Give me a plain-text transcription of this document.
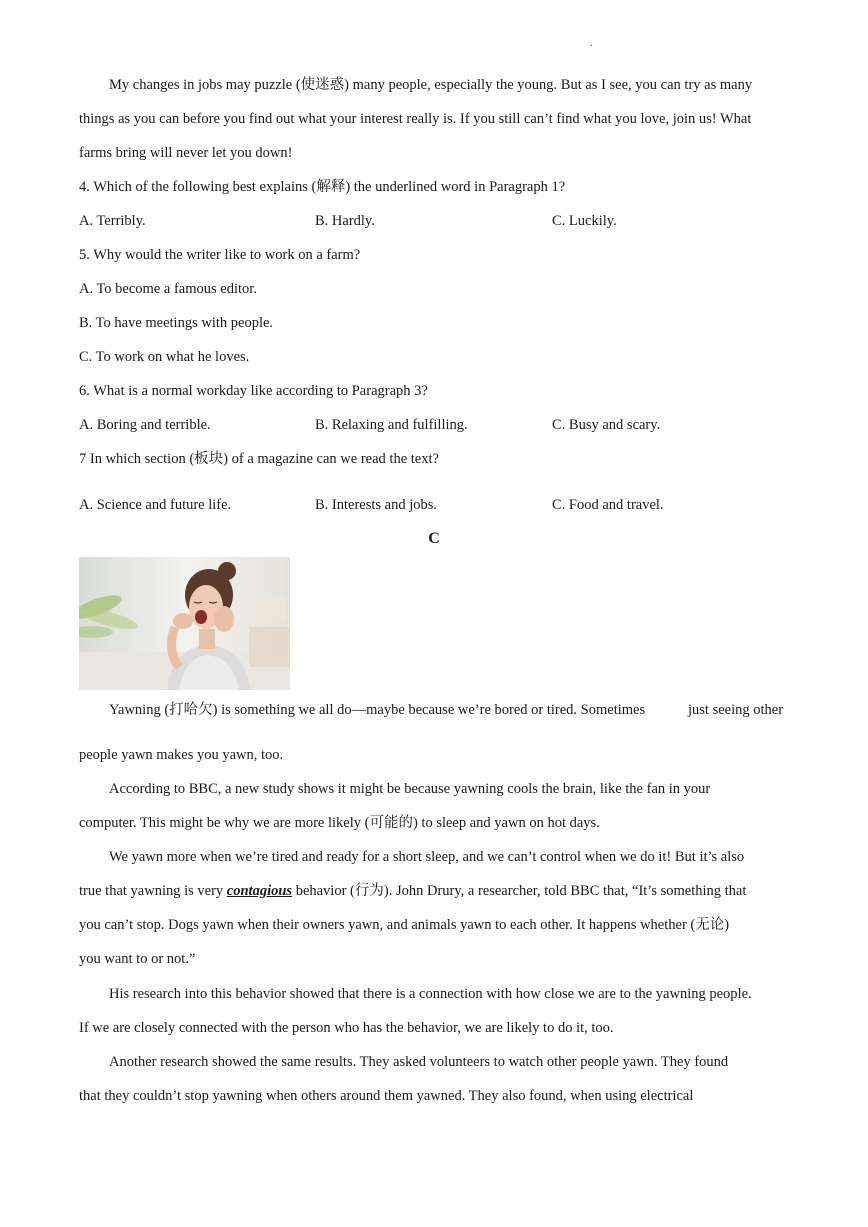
.
My changes in jobs may puzzle (使迷惑) many people, especially the young. But as I see, you can try as many
things as you can before you find out what your interest really is. If you still can’t find what you love, join us! What
farms bring will never let you down!
4. Which of the following best explains (解释) the underlined word in Paragraph 1?
A. Terribly.	B. Hardly.	C. Luckily.
5. Why would the writer like to work on a farm?
A. To become a famous editor.
B. To have meetings with people.
C. To work on what he loves.
6. What is a normal workday like according to Paragraph 3?
A. Boring and terrible.	B. Relaxing and fulfilling.	C. Busy and scary.
7 In which section (板块) of a magazine can we read the text?
A. Science and future life.	B. Interests and jobs.	C. Food and travel.
C
Yawning (打哈欠) is something we all do—maybe because we’re bored or tired. Sometimes	just seeing other
people yawn makes you yawn, too.
According to BBC, a new study shows it might be because yawning cools the brain, like the fan in your
computer. This might be why we are more likely (可能的) to sleep and yawn on hot days.
We yawn more when we’re tired and ready for a short sleep, and we can’t control when we do it! But it’s also
true that yawning is very contagious behavior (行为). John Drury, a researcher, told BBC that, “It’s something that
you can’t stop. Dogs yawn when their owners yawn, and animals yawn to each other. It happens whether (无论)
you want to or not.”
His research into this behavior showed that there is a connection with how close we are to the yawning people.
If we are closely connected with the person who has the behavior, we are likely to do it, too.
Another research showed the same results. They asked volunteers to watch other people yawn. They found
that they couldn’t stop yawning when others around them yawned. They also found, when using electrical
